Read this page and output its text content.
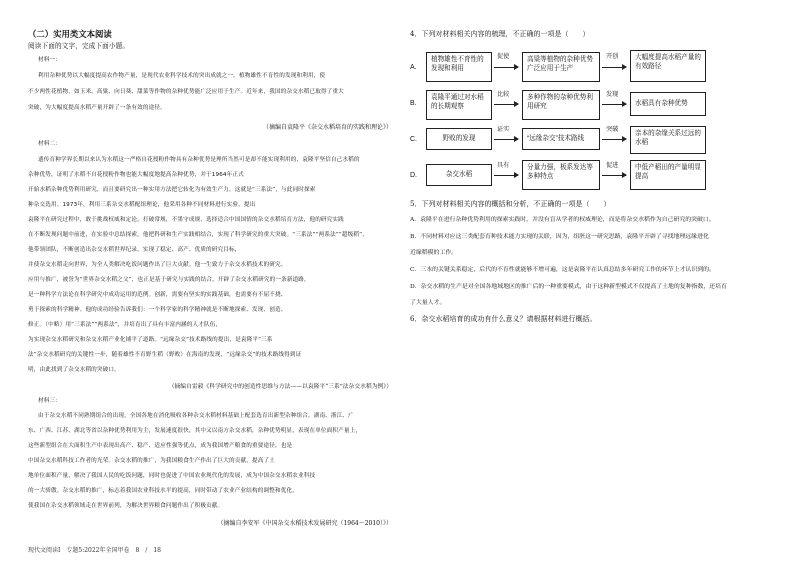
（二）实用类文本阅读
阅读下面的文字，完成下面小题。
材料一：
利用杂种优势以大幅度提高农作物产量，是现代农业科学技术的突出成就之一。植物雄性不育性的发现和利用，使
不少两性花植物，如玉米、高粱、向日葵、甜菜等作物的杂种优势能广泛应用于生产。近年来，我国的杂交水稻已取得了重大
突破，为大幅度提高水稻产量开辟了一条有效的途径。
（摘编自袁隆平《杂交水稻培育的实践和理论》）
材料二：
遗传育种学界长期以来认为水稻这一严格自花授粉作物具有杂种优势是理所当然可是却不能实现利用的，袁隆平坚信自己水稻的
杂种优势，证明了水稻不自花授粉作物也能大幅度地提高杂种优势，并于1964年正式
开始水稻杂种优势利用研究，而且要研究出一种实用方法把它转化为有效生产力，这就是“三系法”，与此同时探索
种杂交选用。1973年，利用三系杂交水稻配组理论，他采用各种不同材料进行实验，提出
袁隆平在研究过程中，敢于挑战权威和定论，打破常规，不墨守成规，选择适合中国国情的杂交水稻培育方法，他的研究实践
在不断发现问题中前进，在实验中总结探索，他把科研和生产实践相结合，实现了科学研究的重大突破。“三系法”“两系法”“超级稻”，
他带领团队，不断创造出杂交水稻世界纪录，实现了稳定、高产、优质的研究目标，
并使杂交水稻走向世界，为全人类解决吃饭问题作出了巨大贡献。他一生致力于杂交水稻技术的研究、
应用与推广，被誉为“世界杂交水稻之父”，也正是基于研究与实践的结合，开辟了杂交水稻研究的一条新道路，
是一种科学方法论在科学研究中成功运用的范例。创新，需要有坚实的实践基础，也需要有不屈不挠、
勇于探索的科学精神。他的成功经验告诉我们：一个科学家的科学精神就是不断地探索、发现、创造、
修正。（中略）用“三系法”“两系法”，并培育出了具有丰富内涵的人才队伍，
为实现杂交水稻研究和杂交水稻产业化铺平了道路。“远缘杂交”技术路线的提出，是袁隆平“三系
法”杂交水稻研究的关键性一步，随着雄性不育野生稻（野败）在海南的发现，“远缘杂交”的技术路线得到证
明，由此找到了杂交水稻的突破口。
（摘编自雷毅《科学研究中的创造性思维与方法——以袁隆平“三系”法杂交水稻为例》）
材料三：
由于杂交水稻不同熟期组合的出现，全国各地在消化吸收各种杂交水稻材料基础上配套选育出新型杂种组合。湖南、浙江、广
东、广西、江苏、湖北等省以杂种优势利用为主，发展速度很快，其中又以南方杂交水稻，杂种优势明显，表现在单位面积产量上，
这些新型组合在大面积生产中表现出高产、稳产、适应性强等优点，成为我国增产粮食的重要途径，也是
中国杂交水稻科技工作者的光荣。杂交水稻的推广，为我国粮食生产作出了巨大的贡献，提高了土
地单位面积产量，解决了我国人民的吃饭问题，同时也促进了中国农业现代化的发展，成为中国杂交水稻农业科技
的一大骄傲。杂交水稻的推广，标志着我国农业科技水平的提高，同时带动了农业产业结构的调整和优化，
使我国在杂交水稻领域走在世界前列，为解决世界粮食问题作出了积极贡献。
（摘编自李安军《中国杂交水稻技术发展研究（1964～2010）》）
4．下列对材料相关内容的梳理，不正确的一项是（　　）
A.
植物雄性不育性的发现和利用
促使	高粱等植物的杂种优势广泛应用于生产
开创	大幅度提高水稻产量的有效路径
B.
袁隆平通过对水稻的长期观察
比较	多种作物的杂种优势利用研究
发现
水稻具有杂种优势
C.	野败的发现
证实
“远缘杂交”技术路线
突破
亲本的杂缘关系过远的水稻
D.	杂交水稻
具有	分量力强，板系发达等多种特点
促进	中低产稻田的产量明显提高
5．下列对材料相关内容的概括和分析，不正确的一项是（　　）
A．袁隆平在进行杂种优势利用的探索实践时，并没有盲从学者的权威理论，而是将杂交水稻作为自己研究的突破口。
B．不同材料对应这三类配套育种技术能力实现的关联，因为，组胚这一研究思路，袁隆平开辟了寻找地理远缘进化
近缘稻模的工作。
C．三本的关键关系稳定，后代的不育性就能够不增可遍，这是袁隆平在认真总结多年研究工作的环节上才认识到的。
D．杂交水稻的生产是对全国各地域地区的推广后的一种重要模式，由于这种新型模式不仅提高了土地的复种指数，还培育
了大量人才。
6．杂交水稻培育的成功有什么意义？请根据材料进行概括。
现代文阅读Ⅰ　专题5:2022年全国甲卷　8　/　18
